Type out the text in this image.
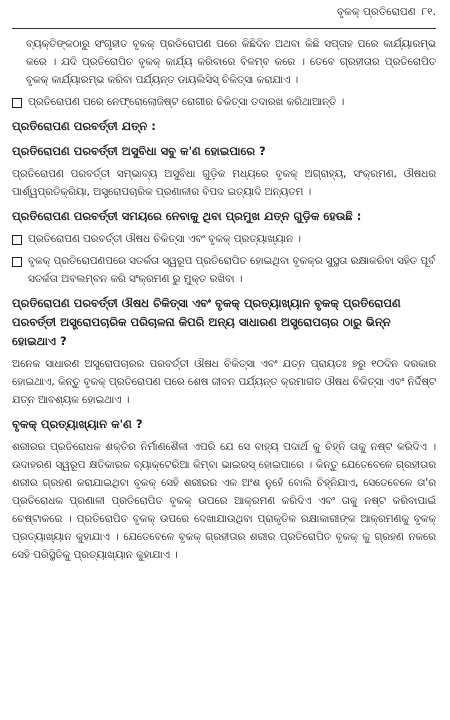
ବୃକକ୍ ପ୍ରତିରୋପଣ ୮୧.

ବ୍ୟକ୍ତିଙ୍କଠାରୁ ସଂଗୃହୀତ ବୃକକ୍ ପ୍ରତିରୋପଣ ପରେ କିଛିଦିନ ଅଥବା କିଛି ସପ୍ତାହ ପରେ କାର୍ଯ୍ୟାରମ୍ଭ କରେ । ଯଦି ପ୍ରତିରୋପିତ ବୃକକ୍ କାର୍ଯ୍ୟ କରିବାରେ ବିଳମ୍ବ କରେ । ତେବେ ଗ୍ରହୀତାର ପ୍ରତିରୋପିତ ବୃକକ୍ କାର୍ଯ୍ୟାରମ୍ଭ କରିବା ପର୍ଯ୍ୟନ୍ତ ଡାୟଲିସିସ୍ ଚିକିତ୍ସା କରାଯାଏ ।

ପ୍ରତିରୋପଣ ପରେ ନେଫ୍ରୋଲୋଜିଷ୍ଟ ରୋଗୀର ଚିକିତ୍ସା ତଦାରଖ କରିଥାଆନ୍ତି ।
ପ୍ରତିରୋପଣ ପରବର୍ତ୍ତୀ ଯତ୍ନ :
ପ୍ରତିରୋପଣ ପରବର୍ତ୍ତୀ ଅସୁବିଧା ସବୁ କ'ଣ ହୋଇପାରେ ?

ପ୍ରତିରୋପଣ ପରବର୍ତ୍ତୀ ସମ୍ଭାବ୍ୟ ଅସୁବିଧା ଗୁଡ଼ିକ ମଧ୍ୟରେ ବୃକକ୍ ଅଗ୍ରାହ୍ୟ, ସଂକ୍ରମଣ, ଔଷଧର ପାର୍ଶ୍ୱପ୍ରତିକ୍ରିୟା, ଅସ୍ତ୍ରୋପଚାରିକ ପ୍ରଣାଳୀର ବିପଦ ଇତ୍ୟାଦି ଅନ୍ୟତମ ।

ପ୍ରତିରୋପଣ ପରବର୍ତ୍ତୀ ସମୟରେ ନେବାକୁ ଥିବା ପ୍ରମୁଖ ଯତ୍ନ ଗୁଡ଼ିକ ହେଉଛି :
ପ୍ରତିରୋପଣ ପରବର୍ତ୍ତୀ ଔଷଧ ଚିକିତ୍ସା ଏବଂ ବୃକକ୍ ପ୍ରତ୍ୟାଖ୍ୟାନ ।
ବୃକକ୍ ପ୍ରତିରୋପଣପରେ ସତର୍କତା ସ୍ୱରୂପ ପ୍ରତିରୋପିତ ହୋଇଥିବା ବୃକକ୍‌ର ସୁସ୍ଥତା ରକ୍ଷାକରିବା ସହିତ ପୂର୍ବ ସତର୍କତା ଅବଲମ୍ବନ କରି ସଂକ୍ରମଣ ରୁ ମୁକ୍ତ ରଖିବା ।
ପ୍ରତିରୋପଣ ପରବର୍ତ୍ତୀ ଔଷଧ ଚିକିତ୍ସା ଏବଂ ବୃକକ୍ ପ୍ରତ୍ୟାଖ୍ୟାନ ବୃକକ୍ ପ୍ରତିରୋପଣ ପରବର୍ତ୍ତୀ ଅସ୍ତ୍ରୋପଚାରିକ ପରିଚାଳନା କିପରି ଅନ୍ୟ ସାଧାରଣ ଅସ୍ତ୍ରୋପଚାର ଠାରୁ ଭିନ୍ନ ହୋଇଥାଏ ?

ଅନେକ ସାଧାରଣ ଅସ୍ତ୍ରୋପଚାରର ପରବର୍ତ୍ତୀ ଔଷଧ ଚିକିତ୍ସା ଏବଂ ଯତ୍ନ ପ୍ରାୟତଃ ୭ରୁ ୧୦ଦିନ ଦରକାର ହୋଇଥାଏ, କିନ୍ତୁ ବୃକକ୍ ପ୍ରତିରୋପଣ ପରେ ଶେଷ ଜୀବନ ପର୍ଯ୍ୟନ୍ତ କ୍ରମାଗତ ଔଷଧ ଚିକିତ୍ସା ଏବଂ ନିର୍ଦ୍ଦିଷ୍ଟ ଯତ୍ନ ଆବଶ୍ୟକ ହୋଇଥାଏ ।

ବୃକକ୍ ପ୍ରତ୍ୟାଖ୍ୟାନ କ'ଣ ?

ଶରୀରର ପ୍ରତିରୋଧକ ଶକ୍ତିର ନିର୍ମାଣଶୈଳୀ ଏପରି ଯେ ସେ ବାହ୍ୟ ପଦାର୍ଥ କୁ ଚିହ୍ନି ତାକୁ ନଷ୍ଟ କରିଦିଏ । ଉଦାହରଣ ସ୍ୱରୂପ କ୍ଷତିକାରକ ବ୍ୟାକ୍ଟେରିଆ କିମ୍ବା ଭାଇରସ୍ ହୋଇପାରେ । କିନ୍ତୁ ଯେତେବେଳେ ଗ୍ରହୀତାର ଶରୀର ଗ୍ରହଣ କରାଯାଇଥିବା ବୃକକ୍ ସେହି ଶରୀରର ଏକ ଅଂଶ ନୁହେଁ ବୋଲି ଚିହ୍ନିଯାଏ, ସେତେବେଳେ ତା'ର ପ୍ରତିରୋଧକ ପ୍ରଣାଳୀ ପ୍ରତିରୋପିତ ବୃକକ୍ ଉପରେ ଆକ୍ରମଣ କରିଦିଏ ଏବଂ ତାକୁ ନଷ୍ଟ କରିବାପାଇଁ ଚେଷ୍ଟାକରେ । ପ୍ରତିରୋପିତ ବୃକକ୍ ଉପରେ ଦେଖାଯାଉଥିବା ପ୍ରାକୃତିକ ରକ୍ଷାକାରୀଙ୍କ ଆକ୍ରମଣକୁ ବୃକକ୍ ପ୍ରତ୍ୟାଖ୍ୟାନ କୁହାଯାଏ । ଯେତେବେଳେ ବୃକକ୍ ଗ୍ରହୀତାର ଶରୀର ପ୍ରତିରୋପିତ ବୃକକ୍ କୁ ଗ୍ରହଣ ନକରେ ସେହି ପରିସ୍ଥିତିକୁ ପ୍ରତ୍ୟାଖ୍ୟାନ କୁହାଯାଏ ।
